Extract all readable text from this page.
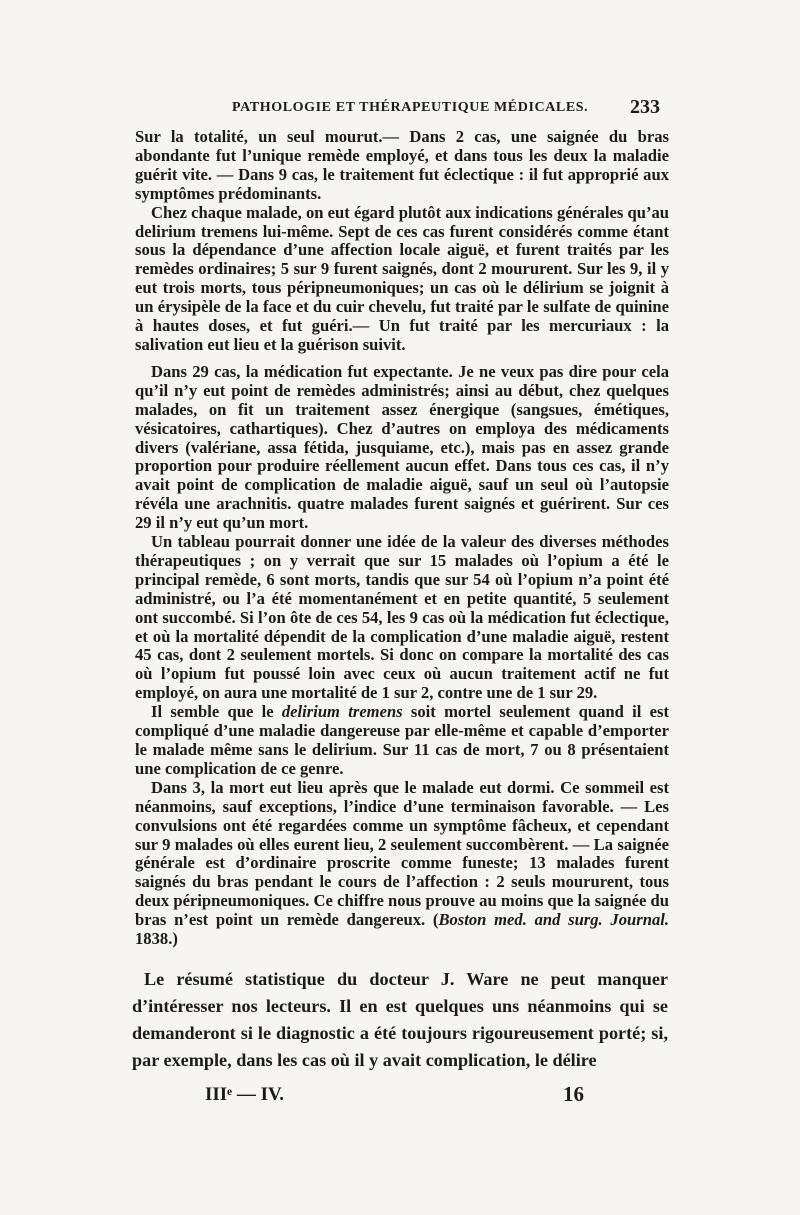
PATHOLOGIE ET THÉRAPEUTIQUE MÉDICALES. 233

Sur la totalité, un seul mourut.— Dans 2 cas, une saignée du bras abondante fut l’unique remède employé, et dans tous les deux la maladie guérit vite. — Dans 9 cas, le traitement fut éclectique : il fut approprié aux symptômes prédominants.

Chez chaque malade, on eut égard plutôt aux indications générales qu’au delirium tremens lui-même. Sept de ces cas furent considérés comme étant sous la dépendance d’une affection locale aiguë, et furent traités par les remèdes ordinaires; 5 sur 9 furent saignés, dont 2 moururent. Sur les 9, il y eut trois morts, tous péripneumoniques; un cas où le délirium se joignit à un érysipèle de la face et du cuir chevelu, fut traité par le sulfate de quinine à hautes doses, et fut guéri.— Un fut traité par les mercuriaux : la salivation eut lieu et la guérison suivit.

Dans 29 cas, la médication fut expectante. Je ne veux pas dire pour cela qu’il n’y eut point de remèdes administrés; ainsi au début, chez quelques malades, on fit un traitement assez énergique (sangsues, émétiques, vésicatoires, cathartiques). Chez d’autres on employa des médicaments divers (valériane, assa fétida, jusquiame, etc.), mais pas en assez grande proportion pour produire réellement aucun effet. Dans tous ces cas, il n’y avait point de complication de maladie aiguë, sauf un seul où l’autopsie révéla une arachnitis. quatre malades furent saignés et guérirent. Sur ces 29 il n’y eut qu’un mort.

Un tableau pourrait donner une idée de la valeur des diverses méthodes thérapeutiques ; on y verrait que sur 15 malades où l’opium a été le principal remède, 6 sont morts, tandis que sur 54 où l’opium n’a point été administré, ou l’a été momentanément et en petite quantité, 5 seulement ont succombé. Si l’on ôte de ces 54, les 9 cas où la médication fut éclectique, et où la mortalité dépendit de la complication d’une maladie aiguë, restent 45 cas, dont 2 seulement mortels. Si donc on compare la mortalité des cas où l’opium fut poussé loin avec ceux où aucun traitement actif ne fut employé, on aura une mortalité de 1 sur 2, contre une de 1 sur 29.

Il semble que le delirium tremens soit mortel seulement quand il est compliqué d’une maladie dangereuse par elle-même et capable d’emporter le malade même sans le delirium. Sur 11 cas de mort, 7 ou 8 présentaient une complication de ce genre.

Dans 3, la mort eut lieu après que le malade eut dormi. Ce sommeil est néanmoins, sauf exceptions, l’indice d’une terminaison favorable. — Les convulsions ont été regardées comme un symptôme fâcheux, et cependant sur 9 malades où elles eurent lieu, 2 seulement succombèrent. — La saignée générale est d’ordinaire proscrite comme funeste; 13 malades furent saignés du bras pendant le cours de l’affection : 2 seuls moururent, tous deux péripneumoniques. Ce chiffre nous prouve au moins que la saignée du bras n’est point un remède dangereux. (Boston med. and surg. Journal. 1838.)

Le résumé statistique du docteur J. Ware ne peut manquer d’intéresser nos lecteurs. Il en est quelques uns néanmoins qui se demanderont si le diagnostic a été toujours rigoureusement porté; si, par exemple, dans les cas où il y avait complication, le délire

IIIᵉ — IV.	16
